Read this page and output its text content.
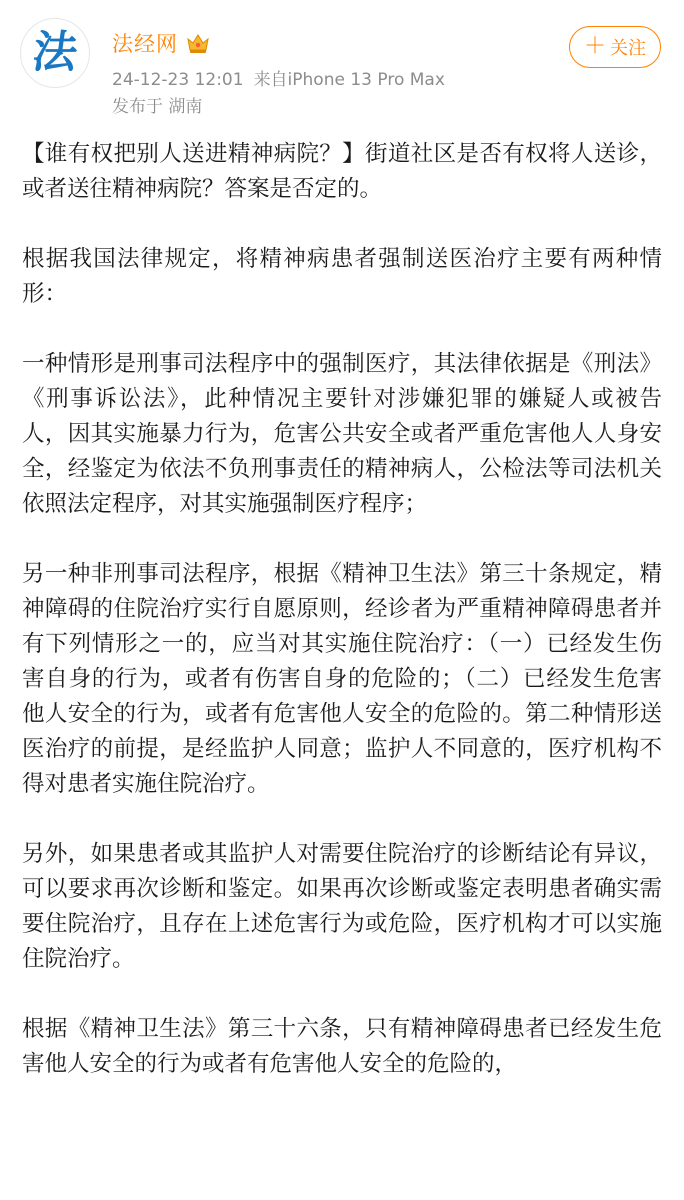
法 法经网
24-12-23 12:01 来自iPhone 13 Pro Max
发布于 湖南
＋ 关注

【谁有权把别人送进精神病院？】街道社区是否有权将人送诊，或者送往精神病院？答案是否定的。

根据我国法律规定，将精神病患者强制送医治疗主要有两种情形：

一种情形是刑事司法程序中的强制医疗，其法律依据是《刑法》《刑事诉讼法》，此种情况主要针对涉嫌犯罪的嫌疑人或被告人，因其实施暴力行为，危害公共安全或者严重危害他人人身安全，经鉴定为依法不负刑事责任的精神病人，公检法等司法机关依照法定程序，对其实施强制医疗程序；

另一种非刑事司法程序，根据《精神卫生法》第三十条规定，精神障碍的住院治疗实行自愿原则，经诊者为严重精神障碍患者并有下列情形之一的，应当对其实施住院治疗：（一）已经发生伤害自身的行为，或者有伤害自身的危险的；（二）已经发生危害他人安全的行为，或者有危害他人安全的危险的。第二种情形送医治疗的前提，是经监护人同意；监护人不同意的，医疗机构不得对患者实施住院治疗。

另外，如果患者或其监护人对需要住院治疗的诊断结论有异议，可以要求再次诊断和鉴定。如果再次诊断或鉴定表明患者确实需要住院治疗，且存在上述危害行为或危险，医疗机构才可以实施住院治疗。

根据《精神卫生法》第三十六条，只有精神障碍患者已经发生危害他人安全的行为或者有危害他人安全的危险的，
